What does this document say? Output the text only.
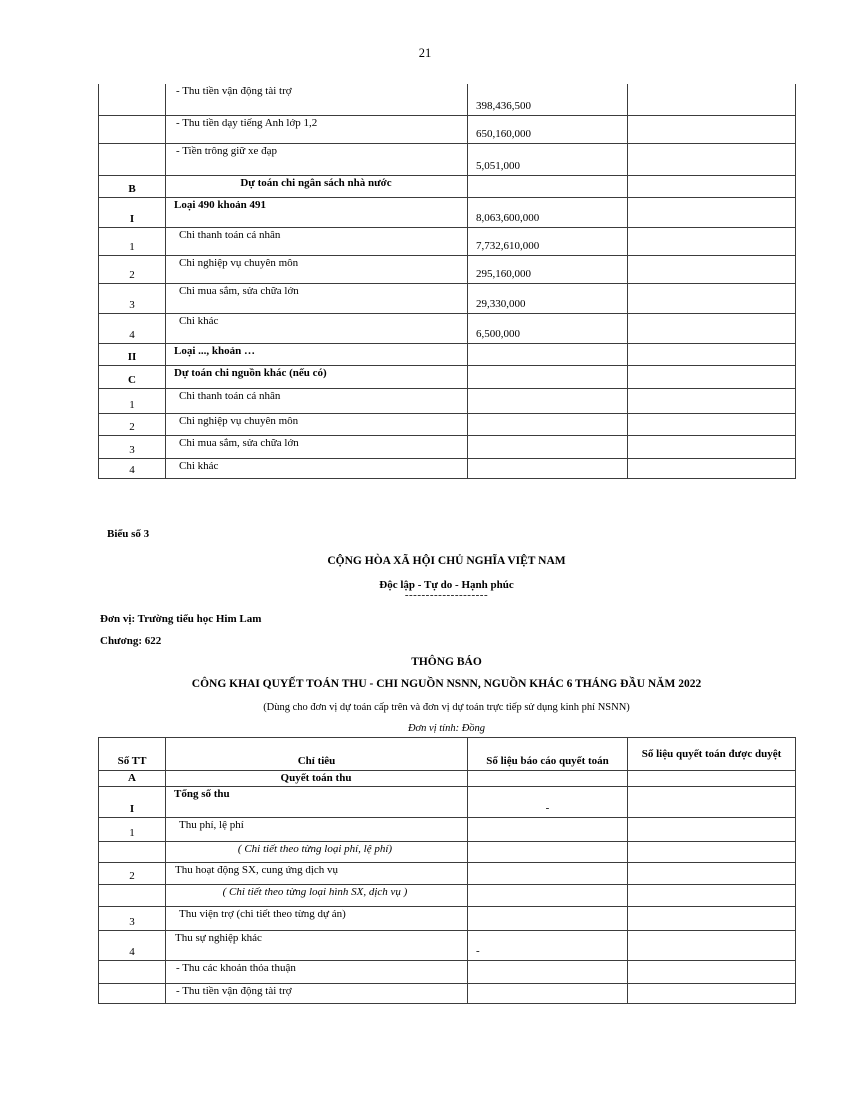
21
	- Thu tiền vận động tài trợ	398,436,500	
	- Thu tiền dạy tiếng Anh lớp 1,2	650,160,000	
	- Tiền trông giữ xe đạp	5,051,000	
B	Dự toán chi ngân sách nhà nước		
I	Loại 490 khoản 491	8,063,600,000	
1	Chi thanh toán cá nhân	7,732,610,000	
2	Chi nghiệp vụ chuyên môn	295,160,000	
3	Chi mua sắm, sửa chữa lớn	29,330,000	
4	Chi khác	6,500,000	
II	Loại ..., khoản …		
C	Dự toán chi nguồn khác (nếu có)		
1	Chi thanh toán cá nhân		
2	Chi nghiệp vụ chuyên môn		
3	Chi mua sắm, sửa chữa lớn		
4	Chi khác		
Biểu số 3
CỘNG HÒA XÃ HỘI CHỦ NGHĨA VIỆT NAM
Độc lập - Tự do - Hạnh phúc
--------------------
Đơn vị: Trường tiểu học Him Lam
Chương: 622
THÔNG BÁO
CÔNG KHAI QUYẾT TOÁN THU - CHI NGUỒN NSNN, NGUỒN KHÁC 6 THÁNG ĐẦU NĂM 2022
(Dùng cho đơn vị dự toán cấp trên và đơn vị dự toán trực tiếp sử dụng kinh phí NSNN)
Đơn vị tính: Đồng
Số TT	Chỉ tiêu	Số liệu báo cáo quyết toán	Số liệu quyết toán được duyệt
A	Quyết toán thu		
I	Tổng số thu	-	
1	Thu phí, lệ phí		
	( Chi tiết theo từng loại phí, lệ phí)		
2	Thu hoạt động SX, cung ứng dịch vụ		
	( Chi tiết theo từng loại hình SX, dịch vụ )		
3	Thu viện trợ (chi tiết theo từng dự án)		
4	Thu sự nghiệp khác	-	
	- Thu các khoản thỏa thuận		
	- Thu tiền vận động tài trợ		
